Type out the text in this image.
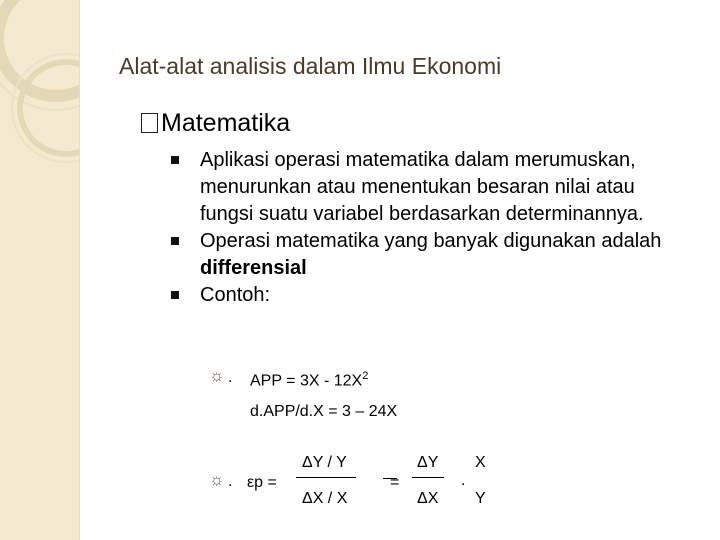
Alat-alat analisis dalam Ilmu Ekonomi
Matematika
Aplikasi operasi matematika dalam merumuskan, menurunkan atau menentukan besaran nilai atau fungsi suatu variabel berdasarkan determinannya.
Operasi matematika yang banyak digunakan adalah differensial
Contoh:
☼ . APP = $3X - 12X^2$
d.APP/d.X = 3 – 24X
☼ . εp =
ΔY / Y
ΔX / X
=
ΔY
ΔX
.
X
Y
